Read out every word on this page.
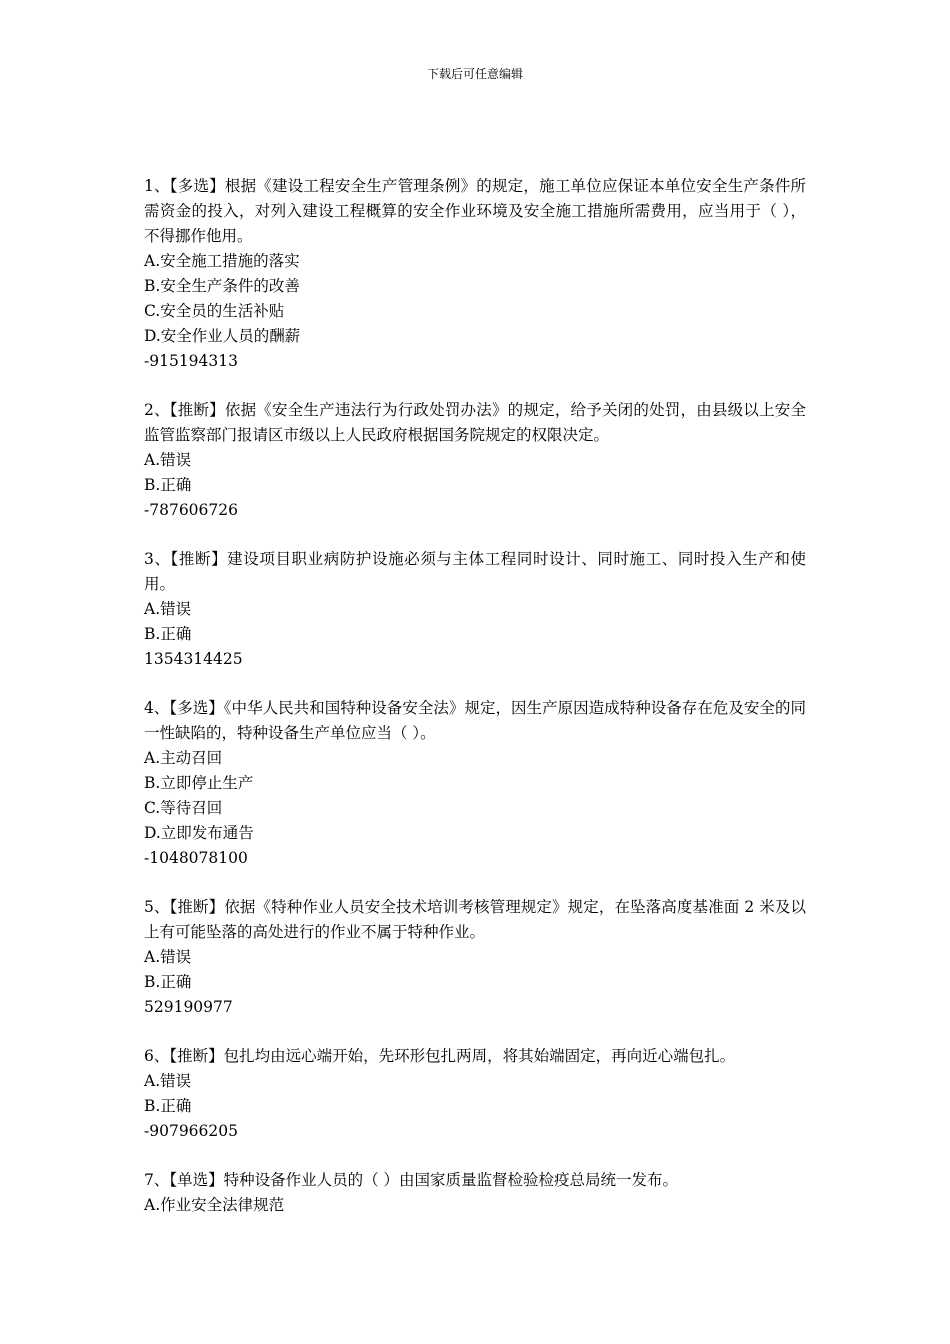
下载后可任意编辑
1、【多选】根据《建设工程安全生产管理条例》的规定，施工单位应保证本单位安全生产条件所需资金的投入，对列入建设工程概算的安全作业环境及安全施工措施所需费用，应当用于（ ），不得挪作他用。
A.安全施工措施的落实
B.安全生产条件的改善
C.安全员的生活补贴
D.安全作业人员的酬薪
-915194313
2、【推断】依据《安全生产违法行为行政处罚办法》的规定，给予关闭的处罚，由县级以上安全监管监察部门报请区市级以上人民政府根据国务院规定的权限决定。
A.错误
B.正确
-787606726
3、【推断】建设项目职业病防护设施必须与主体工程同时设计、同时施工、同时投入生产和使用。
A.错误
B.正确
1354314425
4、【多选】《中华人民共和国特种设备安全法》规定，因生产原因造成特种设备存在危及安全的同一性缺陷的，特种设备生产单位应当（ ）。
A.主动召回
B.立即停止生产
C.等待召回
D.立即发布通告
-1048078100
5、【推断】依据《特种作业人员安全技术培训考核管理规定》规定，在坠落高度基准面 2 米及以上有可能坠落的高处进行的作业不属于特种作业。
A.错误
B.正确
529190977
6、【推断】包扎均由远心端开始，先环形包扎两周，将其始端固定，再向近心端包扎。
A.错误
B.正确
-907966205
7、【单选】特种设备作业人员的（ ）由国家质量监督检验检疫总局统一发布。
A.作业安全法律规范
